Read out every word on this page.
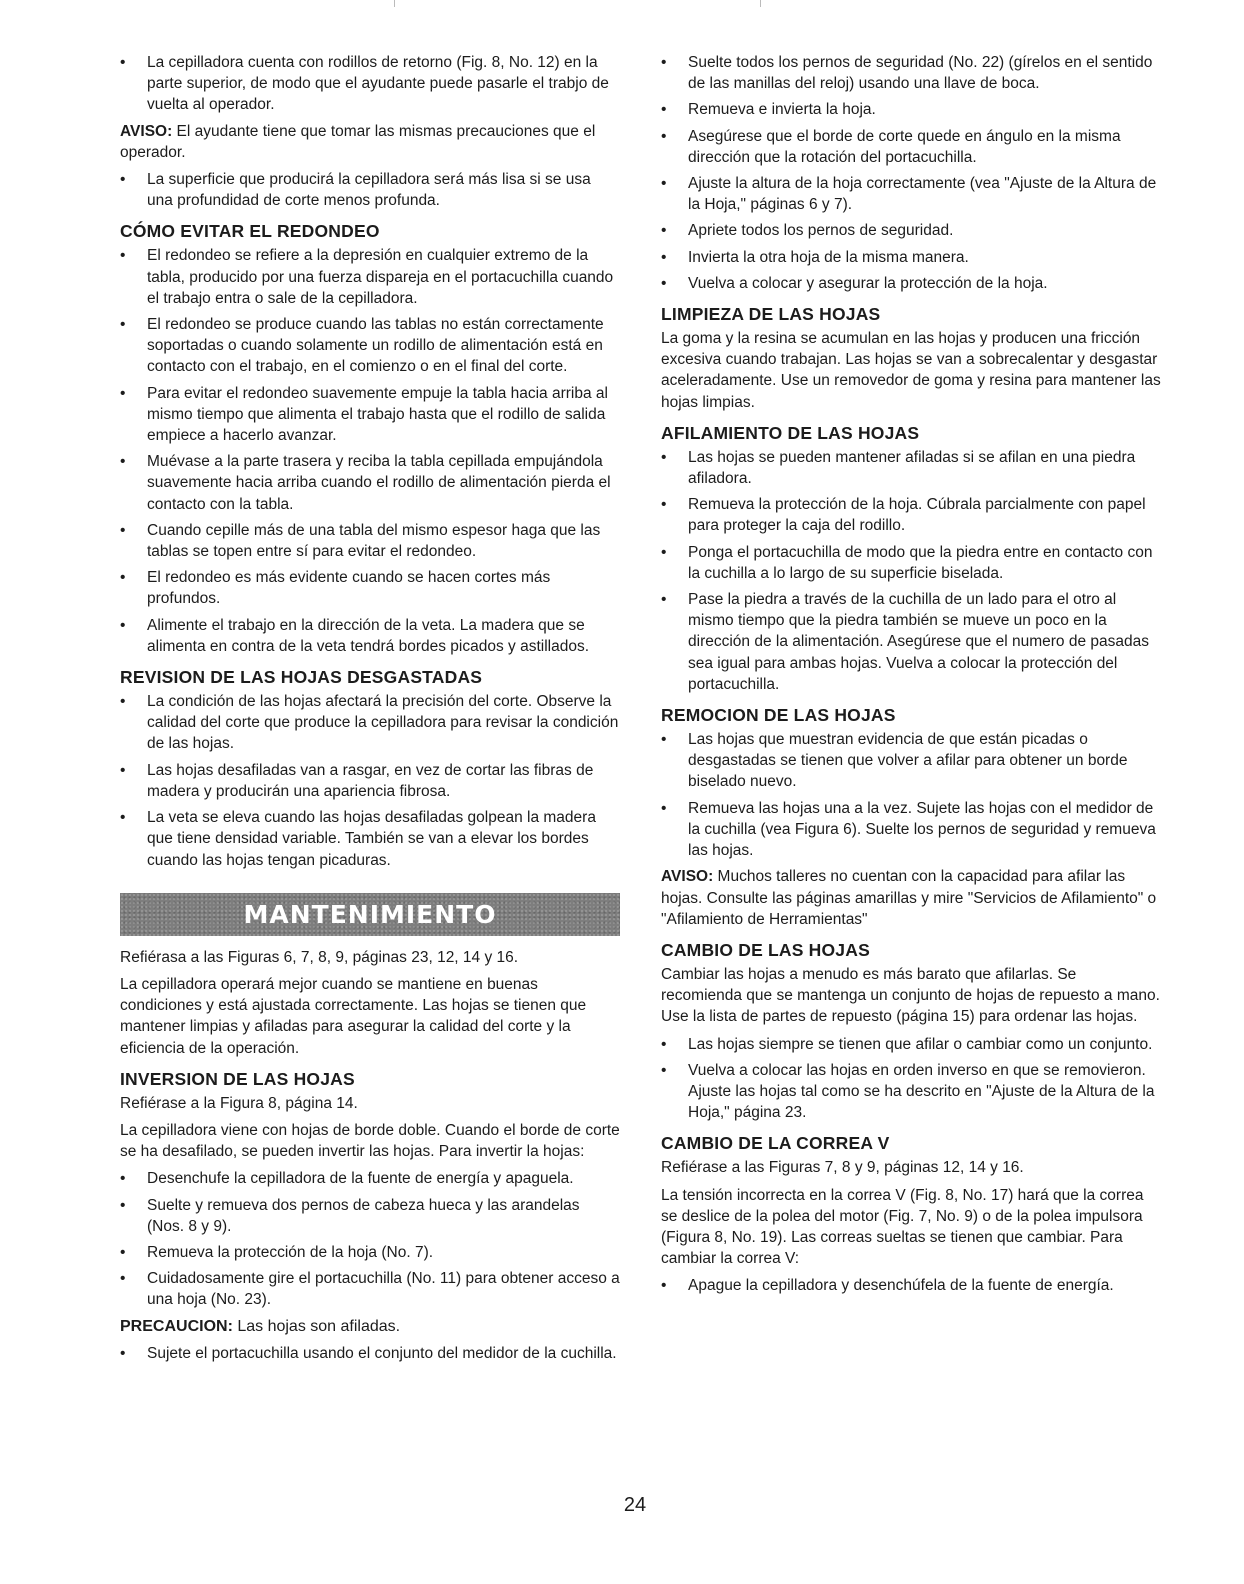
• La cepilladora cuenta con rodillos de retorno (Fig. 8, No. 12) en la parte superior, de modo que el ayudante puede pasarle el trabjo de vuelta al operador.

AVISO: El ayudante tiene que tomar las mismas precauciones que el operador.

• La superficie que producirá la cepilladora será más lisa si se usa una profundidad de corte menos profunda.
CÓMO EVITAR EL REDONDEO
• El redondeo se refiere a la depresión en cualquier extremo de la tabla, producido por una fuerza dispareja en el portacuchilla cuando el trabajo entra o sale de la cepilladora.
• El redondeo se produce cuando las tablas no están correctamente soportadas o cuando solamente un rodillo de alimentación está en contacto con el trabajo, en el comienzo o en el final del corte.
• Para evitar el redondeo suavemente empuje la tabla hacia arriba al mismo tiempo que alimenta el trabajo hasta que el rodillo de salida empiece a hacerlo avanzar.
• Muévase a la parte trasera y reciba la tabla cepillada empujándola suavemente hacia arriba cuando el rodillo de alimentación pierda el contacto con la tabla.
• Cuando cepille más de una tabla del mismo espesor haga que las tablas se topen entre sí para evitar el redondeo.
• El redondeo es más evidente cuando se hacen cortes más profundos.
• Alimente el trabajo en la dirección de la veta. La madera que se alimenta en contra de la veta tendrá bordes picados y astillados.
REVISION DE LAS HOJAS DESGASTADAS
• La condición de las hojas afectará la precisión del corte. Observe la calidad del corte que produce la cepilladora para revisar la condición de las hojas.
• Las hojas desafiladas van a rasgar, en vez de cortar las fibras de madera y producirán una apariencia fibrosa.
• La veta se eleva cuando las hojas desafiladas golpean la madera que tiene densidad variable. También se van a elevar los bordes cuando las hojas tengan picaduras.
MANTENIMIENTO

Refiérasa a las Figuras 6, 7, 8, 9, páginas 23, 12, 14 y 16.

La cepilladora operará mejor cuando se mantiene en buenas condiciones y está ajustada correctamente. Las hojas se tienen que mantener limpias y afiladas para asegurar la calidad del corte y la eficiencia de la operación.

INVERSION DE LAS HOJAS

Refiérase a la Figura 8, página 14.

La cepilladora viene con hojas de borde doble. Cuando el borde de corte se ha desafilado, se pueden invertir las hojas. Para invertir la hojas:

• Desenchufe la cepilladora de la fuente de energía y apaguela.
• Suelte y remueva dos pernos de cabeza hueca y las arandelas (Nos. 8 y 9).
• Remueva la protección de la hoja (No. 7).
• Cuidadosamente gire el portacuchilla (No. 11) para obtener acceso a una hoja (No. 23).

PRECAUCION: Las hojas son afiladas.

• Sujete el portacuchilla usando el conjunto del medidor de la cuchilla.
• Suelte todos los pernos de seguridad (No. 22) (gírelos en el sentido de las manillas del reloj) usando una llave de boca.
• Remueva e invierta la hoja.
• Asegúrese que el borde de corte quede en ángulo en la misma dirección que la rotación del portacuchilla.
• Ajuste la altura de la hoja correctamente (vea "Ajuste de la Altura de la Hoja," páginas 6 y 7).
• Apriete todos los pernos de seguridad.
• Invierta la otra hoja de la misma manera.
• Vuelva a colocar y asegurar la protección de la hoja.
LIMPIEZA DE LAS HOJAS

La goma y la resina se acumulan en las hojas y producen una fricción excesiva cuando trabajan. Las hojas se van a sobrecalentar y desgastar aceleradamente. Use un removedor de goma y resina para mantener las hojas limpias.

AFILAMIENTO DE LAS HOJAS
• Las hojas se pueden mantener afiladas si se afilan en una piedra afiladora.
• Remueva la protección de la hoja. Cúbrala parcialmente con papel para proteger la caja del rodillo.
• Ponga el portacuchilla de modo que la piedra entre en contacto con la cuchilla a lo largo de su superficie biselada.
• Pase la piedra a través de la cuchilla de un lado para el otro al mismo tiempo que la piedra también se mueve un poco en la dirección de la alimentación. Asegúrese que el numero de pasadas sea igual para ambas hojas. Vuelva a colocar la protección del portacuchilla.
REMOCION DE LAS HOJAS
• Las hojas que muestran evidencia de que están picadas o desgastadas se tienen que volver a afilar para obtener un borde biselado nuevo.
• Remueva las hojas una a la vez. Sujete las hojas con el medidor de la cuchilla (vea Figura 6). Suelte los pernos de seguridad y remueva las hojas.

AVISO: Muchos talleres no cuentan con la capacidad para afilar las hojas. Consulte las páginas amarillas y mire "Servicios de Afilamiento" o "Afilamiento de Herramientas"

CAMBIO DE LAS HOJAS

Cambiar las hojas a menudo es más barato que afilarlas. Se recomienda que se mantenga un conjunto de hojas de repuesto a mano. Use la lista de partes de repuesto (página 15) para ordenar las hojas.

• Las hojas siempre se tienen que afilar o cambiar como un conjunto.
• Vuelva a colocar las hojas en orden inverso en que se removieron. Ajuste las hojas tal como se ha descrito en "Ajuste de la Altura de la Hoja," página 23.
CAMBIO DE LA CORREA V

Refiérase a las Figuras 7, 8 y 9, páginas 12, 14 y 16.

La tensión incorrecta en la correa V (Fig. 8, No. 17) hará que la correa se deslice de la polea del motor (Fig. 7, No. 9) o de la polea impulsora (Figura 8, No. 19). Las correas sueltas se tienen que cambiar. Para cambiar la correa V:

• Apague la cepilladora y desenchúfela de la fuente de energía.
24
